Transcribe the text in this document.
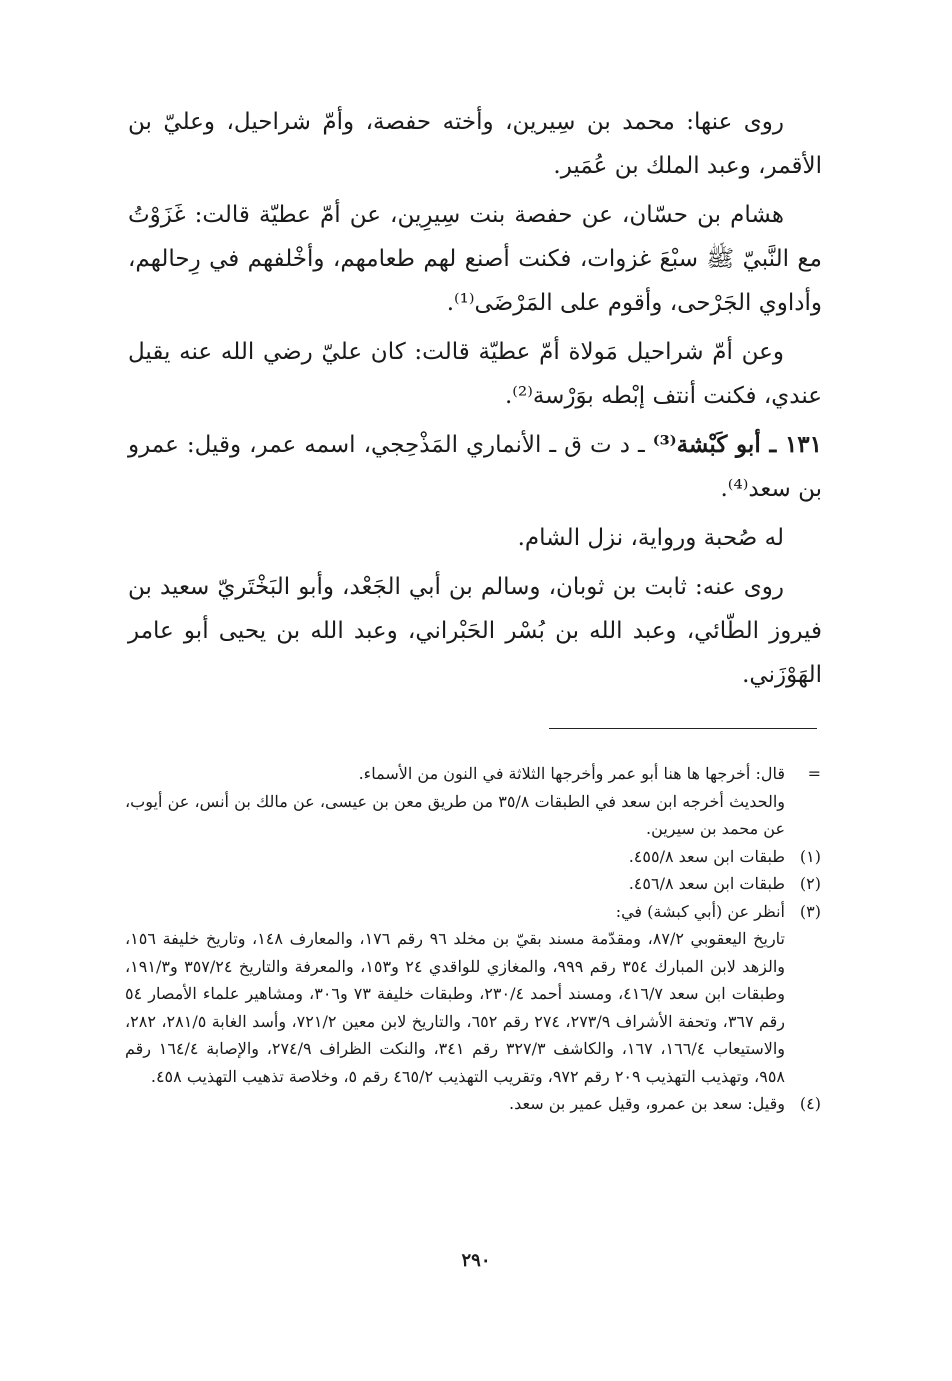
روى عنها: محمد بن سِيرين، وأخته حفصة، وأمّ شراحيل، وعليّ بن الأقمر، وعبد الملك بن عُمَير.

هشام بن حسّان، عن حفصة بنت سِيرِين، عن أمّ عطيّة قالت: غَزَوْتُ مع النَّبيّ ﷺ سبْعَ غزوات، فكنت أصنع لهم طعامهم، وأخْلفهم في رِحالهم، وأداوي الجَرْحى، وأقوم على المَرْضَى⁽¹⁾.

وعن أمّ شراحيل مَولاة أمّ عطيّة قالت: كان عليّ رضي الله عنه يقيل عندي، فكنت أنتف إبْطه بوَرْسة⁽²⁾.

١٣١ ـ أبو كَبْشة⁽³⁾ ـ د ت ق ـ الأنماري المَذْحِجي، اسمه عمر، وقيل: عمرو بن سعد⁽⁴⁾.

له صُحبة ورواية، نزل الشام.

روى عنه: ثابت بن ثوبان، وسالم بن أبي الجَعْد، وأبو البَخْتَريّ سعيد بن فيروز الطّائي، وعبد الله بن بُسْر الحَبْراني، وعبد الله بن يحيى أبو عامر الهَوْزَني.

=

قال: أخرجها ها هنا أبو عمر وأخرجها الثلاثة في النون من الأسماء.

والحديث أخرجه ابن سعد في الطبقات ٣٥/٨ من طريق معن بن عيسى، عن مالك بن أنس، عن أيوب، عن محمد بن سيرين.

(١)

طبقات ابن سعد ٤٥٥/٨.

(٢)

طبقات ابن سعد ٤٥٦/٨.

(٣)

أنظر عن (أبي كبشة) في:

تاريخ اليعقوبي ٨٧/٢، ومقدّمة مسند بقيّ بن مخلد ٩٦ رقم ١٧٦، والمعارف ١٤٨، وتاريخ خليفة ١٥٦، والزهد لابن المبارك ٣٥٤ رقم ٩٩٩، والمغازي للواقدي ٢٤ و١٥٣، والمعرفة والتاريخ ٣٥٧/٢٤ و١٩١/٣، وطبقات ابن سعد ٤١٦/٧، ومسند أحمد ٢٣٠/٤، وطبقات خليفة ٧٣ و٣٠٦، ومشاهير علماء الأمصار ٥٤ رقم ٣٦٧، وتحفة الأشراف ٢٧٣/٩، ٢٧٤ رقم ٦٥٢، والتاريخ لابن معين ٧٢١/٢، وأسد الغابة ٢٨١/٥، ٢٨٢، والاستيعاب ١٦٦/٤، ١٦٧، والكاشف ٣٢٧/٣ رقم ٣٤١، والنكت الظراف ٢٧٤/٩، والإصابة ١٦٤/٤ رقم ٩٥٨، وتهذيب التهذيب ٢٠٩ رقم ٩٧٢، وتقريب التهذيب ٤٦٥/٢ رقم ٥، وخلاصة تذهيب التهذيب ٤٥٨.

(٤)

وقيل: سعد بن عمرو، وقيل عمير بن سعد.

٢٩٠
